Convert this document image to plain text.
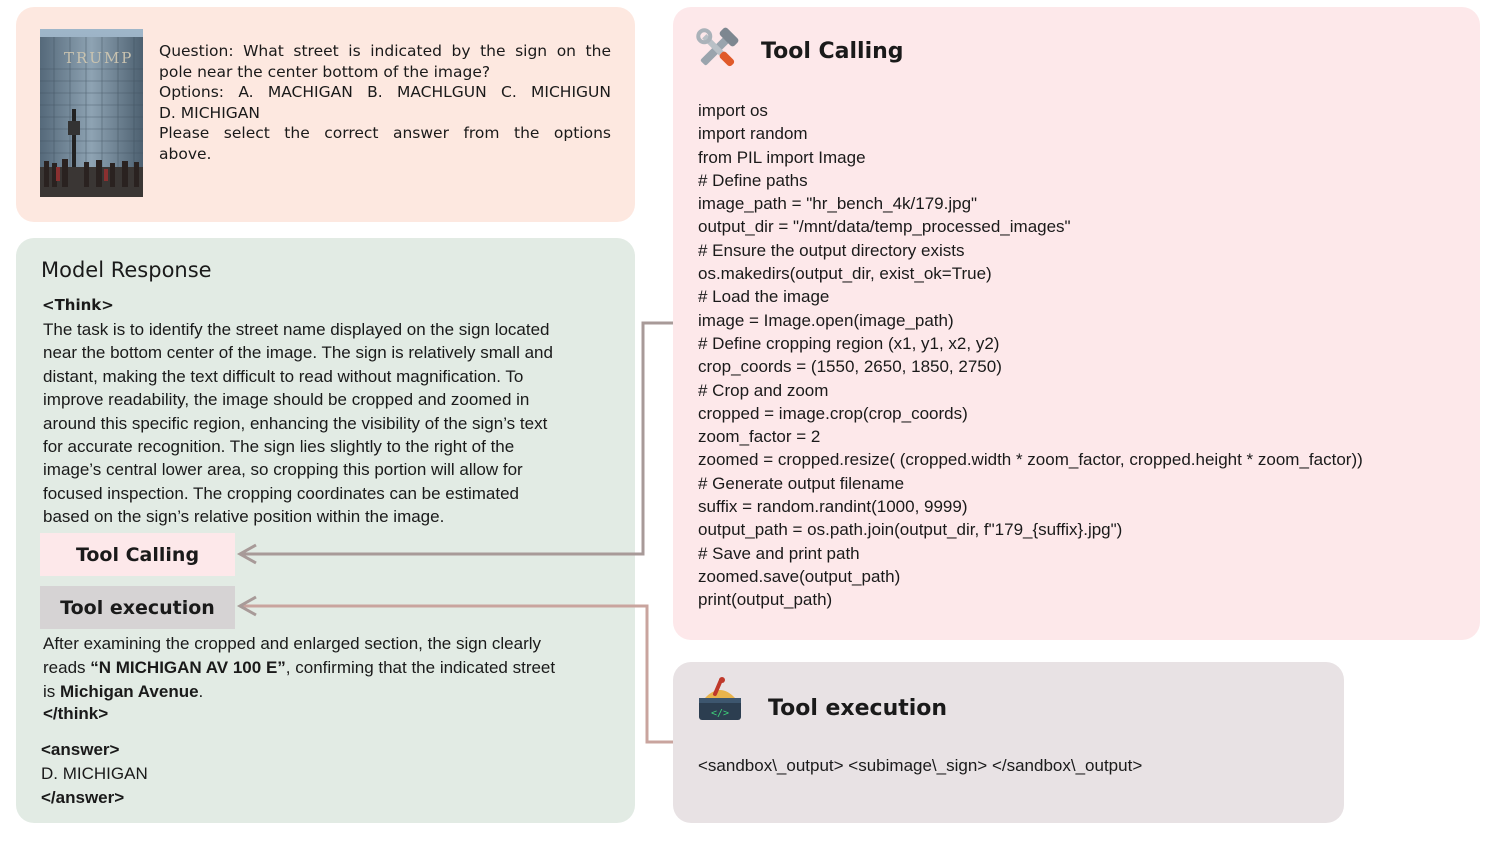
TRUMP Question: What street is indicated by the sign on the
pole near the center bottom of the image?
Options: A. MACHIGAN B. MACHLGUN C. MICHIGUN
D. MICHIGAN
Please select the correct answer from the options
above.
Model Response
<Think>
The task is to identify the street name displayed on the sign located
near the bottom center of the image. The sign is relatively small and
distant, making the text difficult to read without magnification. To
improve readability, the image should be cropped and zoomed in
around this specific region, enhancing the visibility of the sign’s text
for accurate recognition. The sign lies slightly to the right of the
image’s central lower area, so cropping this portion will allow for
focused inspection. The cropping coordinates can be estimated
based on the sign’s relative position within the image.
Tool Calling
Tool execution
After examining the cropped and enlarged section, the sign clearly
reads “N MICHIGAN AV 100 E”, confirming that the indicated street
is Michigan Avenue.
</think>
<answer>
D. MICHIGAN
</answer>
Tool Calling
import os
import random
from PIL import Image
# Define paths
image_path = "hr_bench_4k/179.jpg"
output_dir = "/mnt/data/temp_processed_images"
# Ensure the output directory exists
os.makedirs(output_dir, exist_ok=True)
# Load the image
image = Image.open(image_path)
# Define cropping region (x1, y1, x2, y2)
crop_coords = (1550, 2650, 1850, 2750)
# Crop and zoom
cropped = image.crop(crop_coords)
zoom_factor = 2
zoomed = cropped.resize( (cropped.width * zoom_factor, cropped.height * zoom_factor))
# Generate output filename
suffix = random.randint(1000, 9999)
output_path = os.path.join(output_dir, f"179_{suffix}.jpg")
# Save and print path
zoomed.save(output_path)
print(output_path)
</> Tool execution
<sandbox\_output> <subimage\_sign> </sandbox\_output>
